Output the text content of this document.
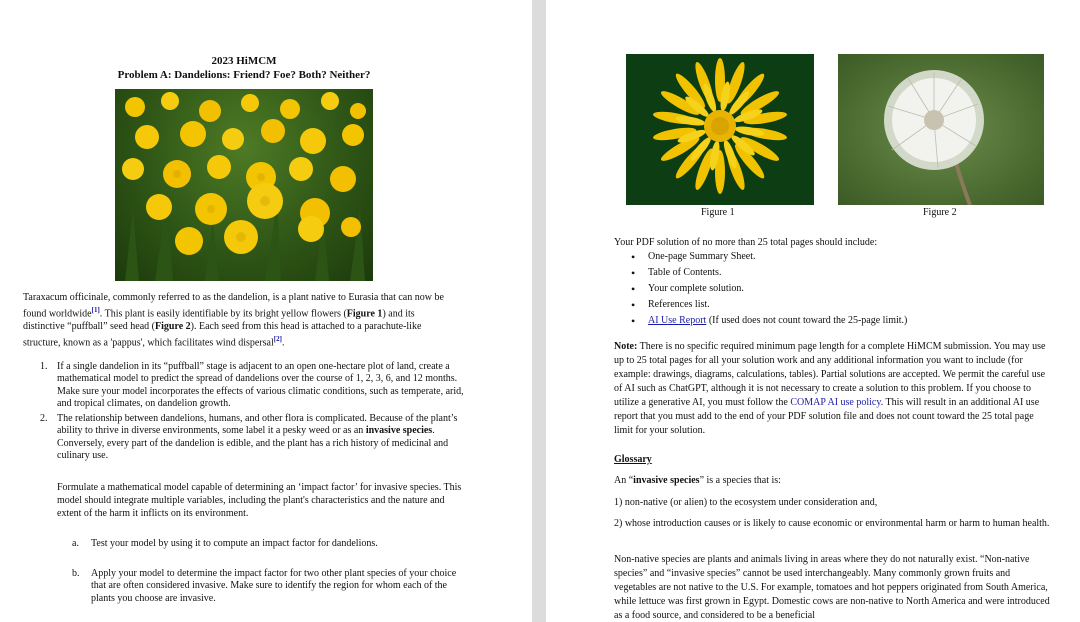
2023 HiMCM
Problem A: Dandelions: Friend? Foe? Both? Neither?
Taraxacum officinale, commonly referred to as the dandelion, is a plant native to Eurasia that can now be found worldwide[1]. This plant is easily identifiable by its bright yellow flowers (Figure 1) and its distinctive “puffball” seed head (Figure 2). Each seed from this head is attached to a parachute-like structure, known as a 'pappus', which facilitates wind dispersal[2].
1. If a single dandelion in its “puffball” stage is adjacent to an open one-hectare plot of land, create a mathematical model to predict the spread of dandelions over the course of 1, 2, 3, 6, and 12 months. Make sure your model incorporates the effects of various climatic conditions, such as temperate, arid, and tropical climates, on dandelion growth.
2. The relationship between dandelions, humans, and other flora is complicated. Because of the plant’s ability to thrive in diverse environments, some label it a pesky weed or as an invasive species. Conversely, every part of the dandelion is edible, and the plant has a rich history of medicinal and culinary use.
Formulate a mathematical model capable of determining an ‘impact factor’ for invasive species. This model should integrate multiple variables, including the plant's characteristics and the nature and extent of the harm it inflicts on its environment.
a. Test your model by using it to compute an impact factor for dandelions.
b. Apply your model to determine the impact factor for two other plant species of your choice that are often considered invasive. Make sure to identify the region for whom each of the plants you choose are invasive.
Figure 1	Figure 2
Your PDF solution of no more than 25 total pages should include:
• One-page Summary Sheet.
• Table of Contents.
• Your complete solution.
• References list.
• AI Use Report (If used does not count toward the 25-page limit.)
Note: There is no specific required minimum page length for a complete HiMCM submission. You may use up to 25 total pages for all your solution work and any additional information you want to include (for example: drawings, diagrams, calculations, tables). Partial solutions are accepted. We permit the careful use of AI such as ChatGPT, although it is not necessary to create a solution to this problem. If you choose to utilize a generative AI, you must follow the COMAP AI use policy. This will result in an additional AI use report that you must add to the end of your PDF solution file and does not count toward the 25 total page limit for your solution.
Glossary
An “invasive species” is a species that is:
1) non-native (or alien) to the ecosystem under consideration and,
2) whose introduction causes or is likely to cause economic or environmental harm or harm to human health.
Non-native species are plants and animals living in areas where they do not naturally exist. “Non-native species” and “invasive species” cannot be used interchangeably. Many commonly grown fruits and vegetables are not native to the U.S. For example, tomatoes and hot peppers originated from South America, while lettuce was first grown in Egypt. Domestic cows are non-native to North America and were introduced as a food source, and considered to be a beneficial
